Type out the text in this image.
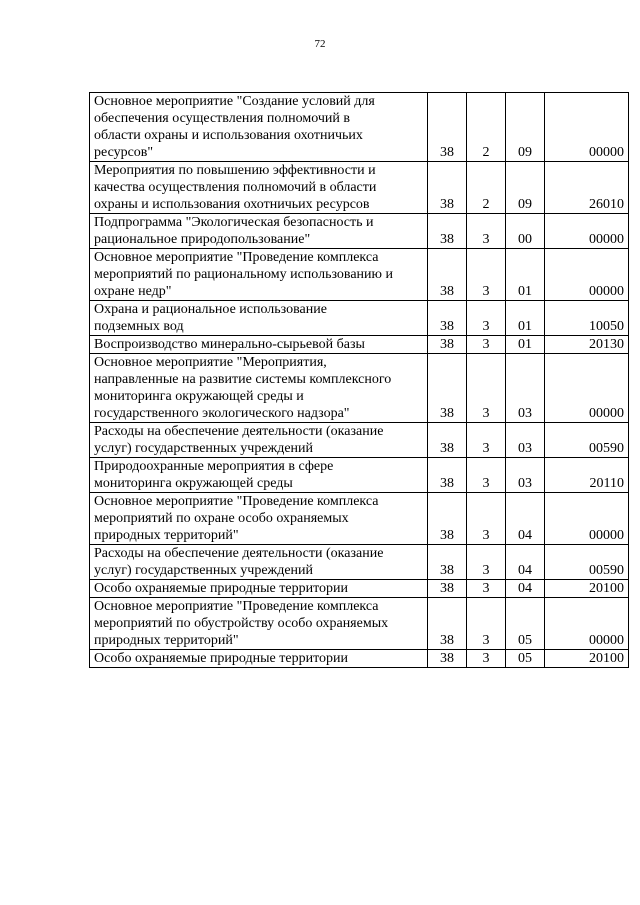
72
Основное мероприятие "Создание условий для
обеспечения осуществления полномочий в
области охраны и использования охотничьих
ресурсов"	38	2	09	00000

Мероприятия по повышению эффективности и
качества осуществления полномочий в области
охраны и использования охотничьих ресурсов	38	2	09	26010

Подпрограмма "Экологическая безопасность и
рациональное природопользование"	38	3	00	00000

Основное мероприятие "Проведение комплекса
мероприятий по рациональному использованию и
охране недр"	38	3	01	00000

Охрана и рациональное использование
подземных вод	38	3	01	10050

Воспроизводство минерально-сырьевой базы	38	3	01	20130

Основное мероприятие "Мероприятия,
направленные на развитие системы комплексного
мониторинга окружающей среды и
государственного экологического надзора"	38	3	03	00000

Расходы на обеспечение деятельности (оказание
услуг) государственных учреждений	38	3	03	00590

Природоохранные мероприятия в сфере
мониторинга окружающей среды	38	3	03	20110

Основное мероприятие "Проведение комплекса
мероприятий по охране особо охраняемых
природных территорий"	38	3	04	00000

Расходы на обеспечение деятельности (оказание
услуг) государственных учреждений	38	3	04	00590

Особо охраняемые природные территории	38	3	04	20100

Основное мероприятие "Проведение комплекса
мероприятий по обустройству особо охраняемых
природных территорий"	38	3	05	00000

Особо охраняемые природные территории	38	3	05	20100
